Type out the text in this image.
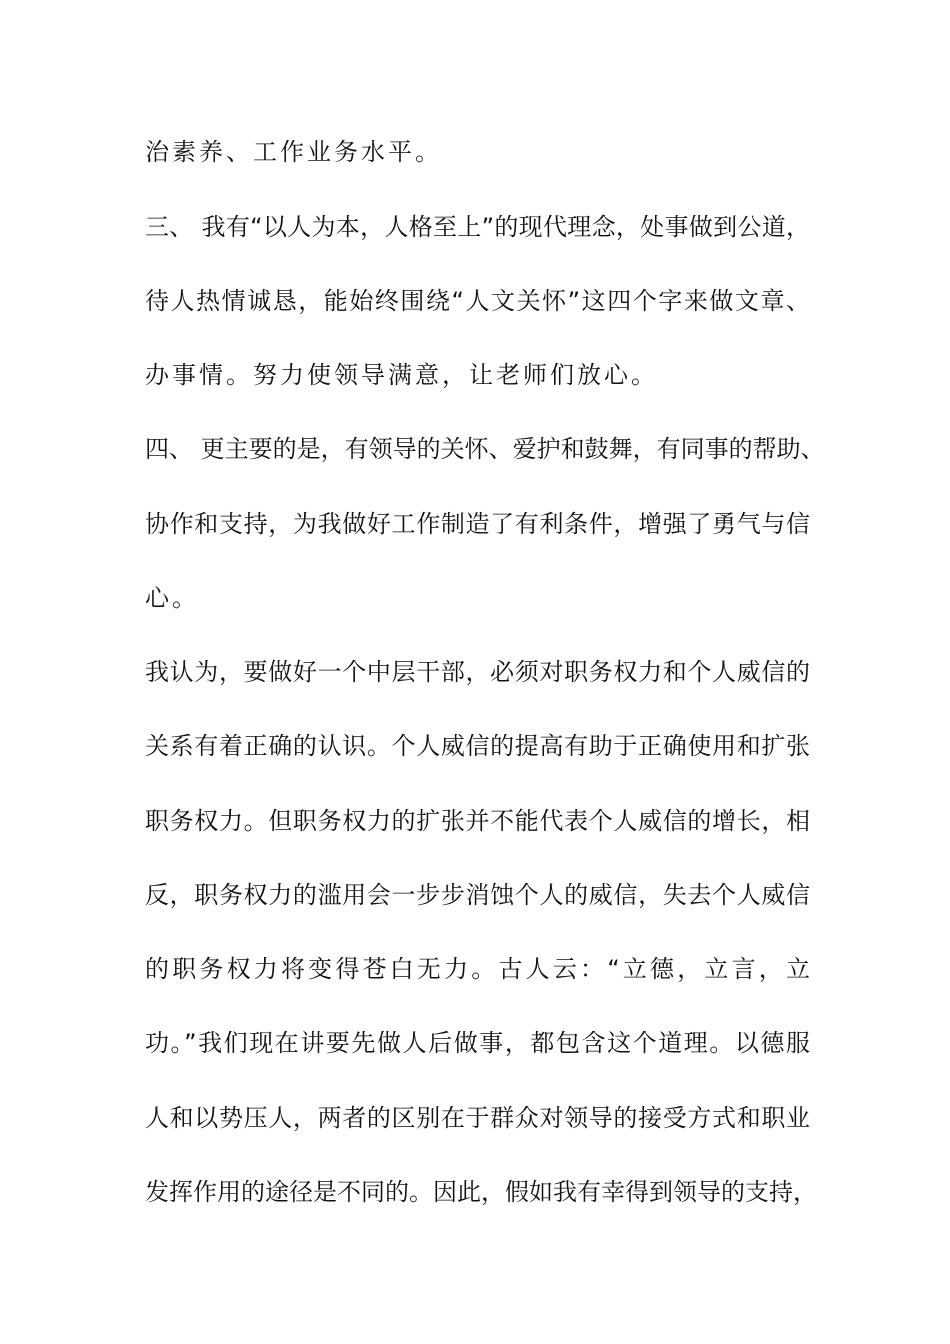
治素养、工作业务水平。
三、 我有“以人为本，人格至上”的现代理念，处事做到公道，
待人热情诚恳，能始终围绕“人文关怀”这四个字来做文章、
办事情。努力使领导满意，让老师们放心。
四、 更主要的是，有领导的关怀、爱护和鼓舞，有同事的帮助、
协作和支持，为我做好工作制造了有利条件，增强了勇气与信
心。
我认为，要做好一个中层干部，必须对职务权力和个人威信的
关系有着正确的认识。个人威信的提高有助于正确使用和扩张
职务权力。但职务权力的扩张并不能代表个人威信的增长，相
反，职务权力的滥用会一步步消蚀个人的威信，失去个人威信
的职务权力将变得苍白无力。古人云：“立德，立言，立
功。”我们现在讲要先做人后做事，都包含这个道理。以德服
人和以势压人，两者的区别在于群众对领导的接受方式和职业
发挥作用的途径是不同的。因此，假如我有幸得到领导的支持，
